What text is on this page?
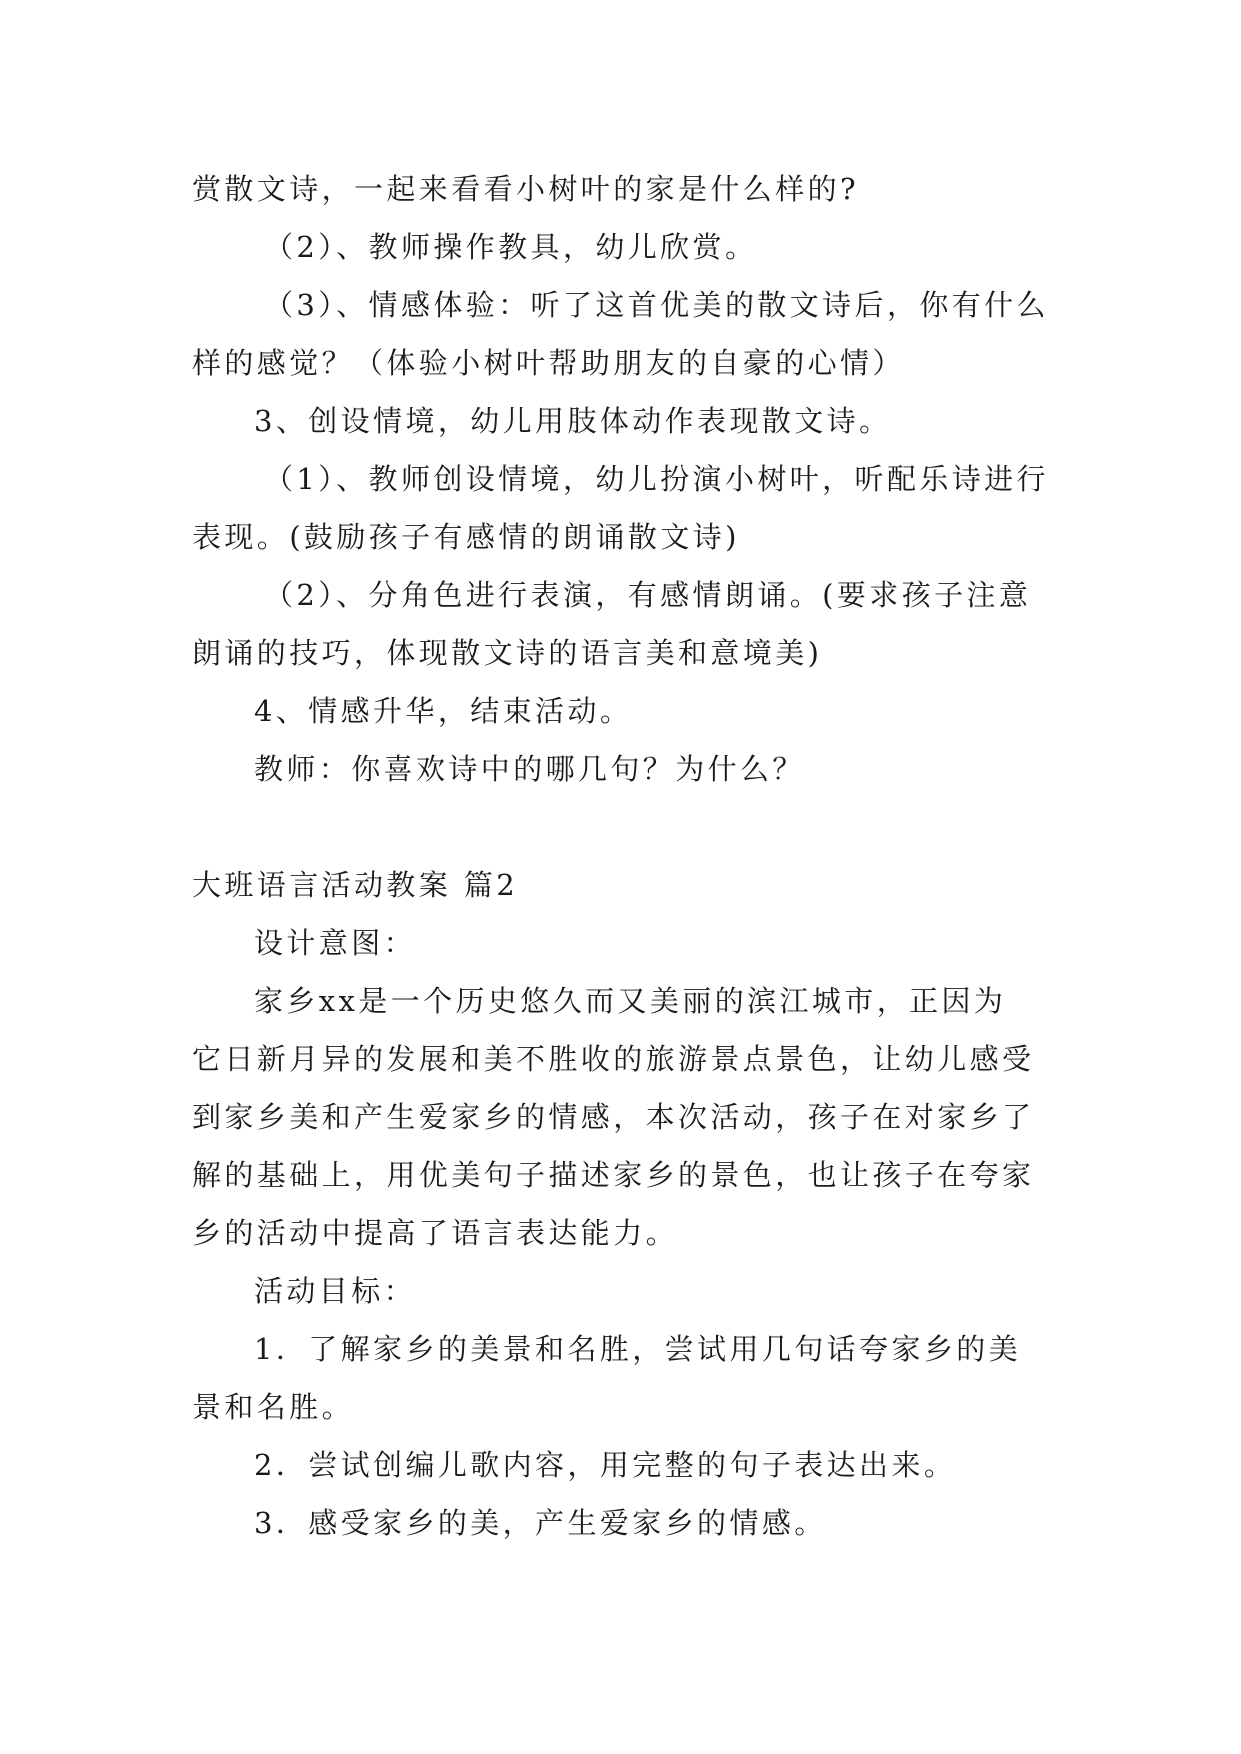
赏散文诗，一起来看看小树叶的家是什么样的?
（2）、教师操作教具，幼儿欣赏。
（3）、情感体验：听了这首优美的散文诗后，你有什么
样的感觉？（体验小树叶帮助朋友的自豪的心情）
3、创设情境，幼儿用肢体动作表现散文诗。
（1）、教师创设情境，幼儿扮演小树叶，听配乐诗进行
表现。(鼓励孩子有感情的朗诵散文诗)
（2）、分角色进行表演，有感情朗诵。(要求孩子注意
朗诵的技巧，体现散文诗的语言美和意境美)
4、情感升华，结束活动。
教师：你喜欢诗中的哪几句？为什么？
大班语言活动教案 篇2
设计意图：
家乡xx是一个历史悠久而又美丽的滨江城市，正因为
它日新月异的发展和美不胜收的旅游景点景色，让幼儿感受
到家乡美和产生爱家乡的情感，本次活动，孩子在对家乡了
解的基础上，用优美句子描述家乡的景色，也让孩子在夸家
乡的活动中提高了语言表达能力。
活动目标：
1．了解家乡的美景和名胜，尝试用几句话夸家乡的美
景和名胜。
2．尝试创编儿歌内容，用完整的句子表达出来。
3．感受家乡的美，产生爱家乡的情感。
